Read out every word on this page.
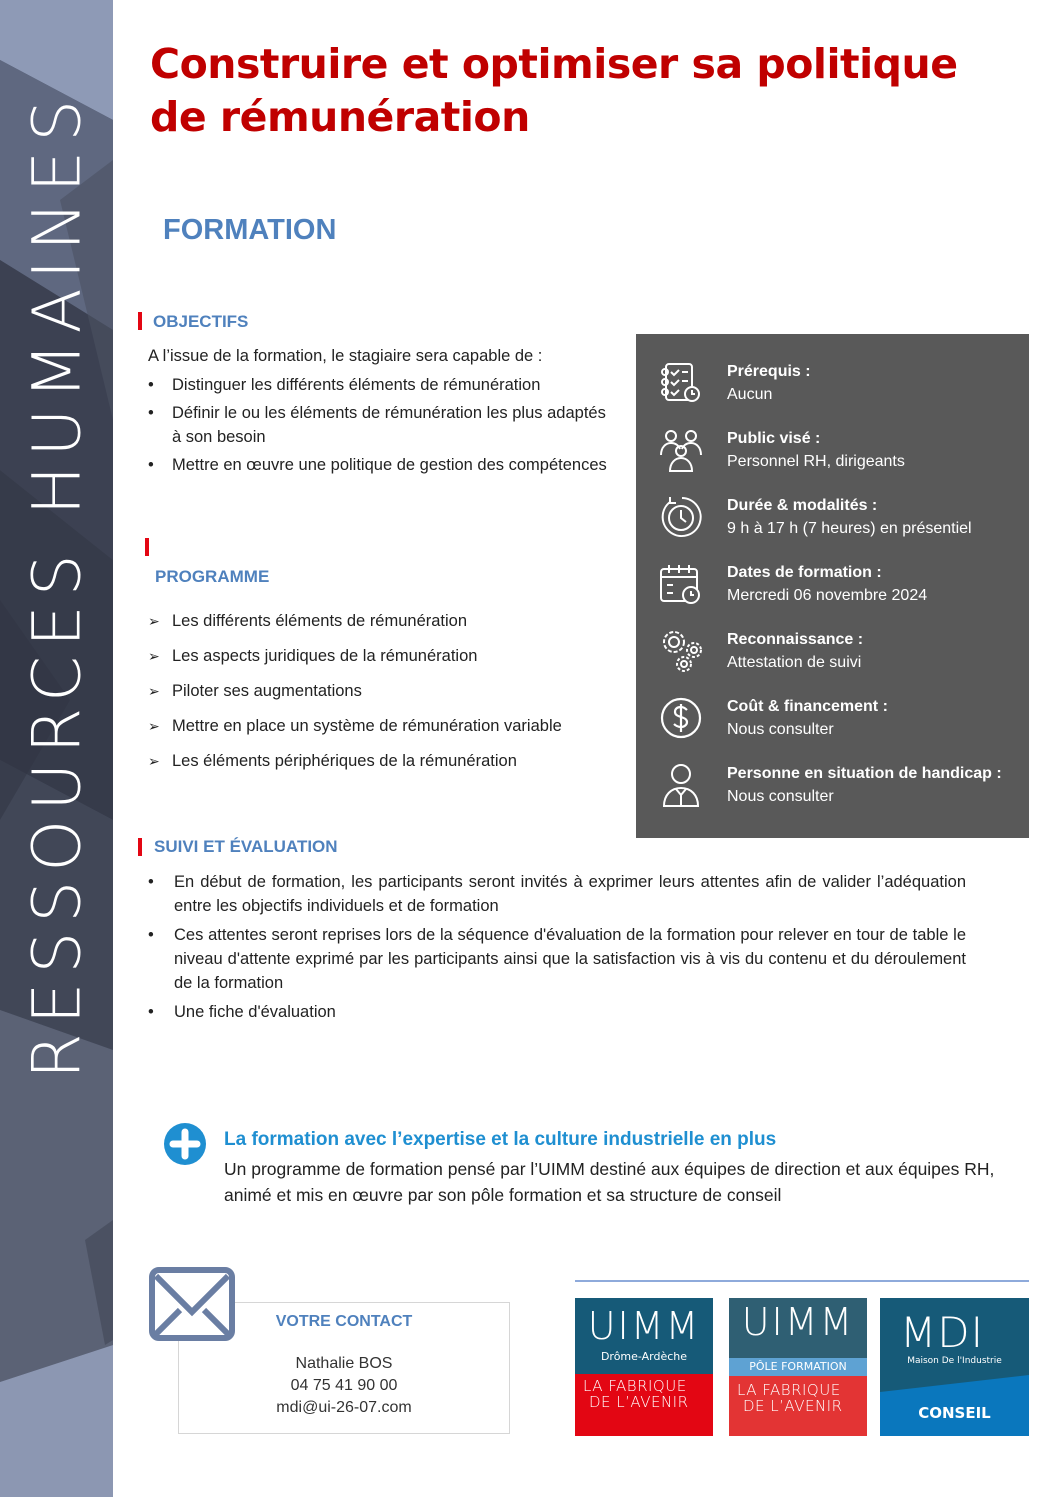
RESSOURCES HUMAINES
Construire et optimiser sa politique
de rémunération
FORMATION
OBJECTIFS
A l’issue de la formation, le stagiaire sera capable de :
• Distinguer les différents éléments de rémunération
• Définir le ou les éléments de rémunération les plus adaptés à son besoin
• Mettre en œuvre une politique de gestion des compétences
PROGRAMME
➢ Les différents éléments de rémunération
➢ Les aspects juridiques de la rémunération
➢ Piloter ses augmentations
➢ Mettre en place un système de rémunération variable
➢ Les éléments périphériques de la rémunération
Prérequis :
Aucun
Public visé :
Personnel RH, dirigeants
Durée & modalités :
9 h à 17 h (7 heures) en présentiel
Dates de formation :
Mercredi 06 novembre 2024
Reconnaissance :
Attestation de suivi
Coût & financement :
Nous consulter
Personne en situation de handicap :
Nous consulter
SUIVI ET ÉVALUATION
• En début de formation, les participants seront invités à exprimer leurs attentes afin de valider l’adéquation entre les objectifs individuels et de formation
• Ces attentes seront reprises lors de la séquence d'évaluation de la formation pour relever en tour de table le niveau d'attente exprimé par les participants ainsi que la satisfaction vis à vis du contenu et du déroulement de la formation
• Une fiche d'évaluation
La formation avec l’expertise et la culture industrielle en plus
Un programme de formation pensé par l’UIMM destiné aux équipes de direction et aux équipes RH, animé et mis en œuvre par son pôle formation et sa structure de conseil
VOTRE CONTACT
Nathalie BOS
04 75 41 90 00
mdi@ui-26-07.com
UIMM
Drôme-Ardèche
LA FABRIQUE
DE L’AVENIR
UIMM
PÔLE FORMATION
LA FABRIQUE
DE L’AVENIR
MDI
Maison De l'Industrie
CONSEIL
